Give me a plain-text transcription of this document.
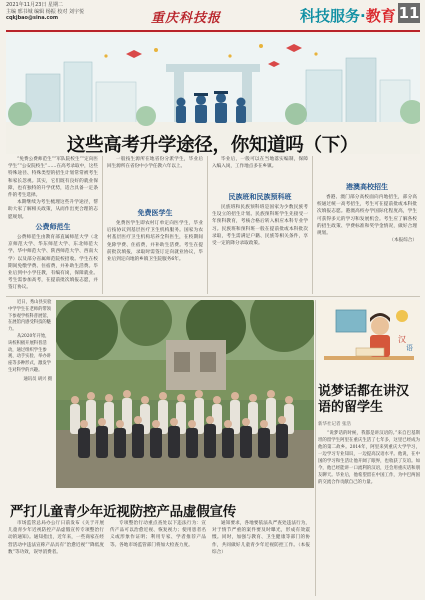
2021年11月23日 星期二
主编 邢书城 编辑 杨振 校对 刘宇悦
cqkjbao@sina.com	重庆科技报	科技服务·教育 11
这些高考升学途径，你知道吗（下）

“免费公费师范生”“军队院校生”“定向医学生”“公安院校生”……在高考录取中，这些特殊途径、特殊类型的招生计划常常被考生和家长忽视。其实，它们既有良好的就业保障，也有独特的升学优势，适合具备一定条件的考生选择。

本期继续为考生梳理这些升学途径，帮助大家了解相关政策，从而作出更合理的志愿规划。

公费师范生

公费师范生由教育部直属师范大学（北京师范大学、华东师范大学、东北师范大学、华中师范大学、陕西师范大学、西南大学）以及部分省属师范院校招收。学生在校期间免缴学费、住宿费，并补助生活费。毕业后到中小学任教，有编有岗，保障就业。考生需参加高考，在提前批次填报志愿，并签订协议。

一般按生源所在地省份分派学生，毕业后回生源所在省份中小学任教六年以上。

免费医学生

免费医学生即农村订单定向医学生，毕业后按协议到基层医疗卫生机构服务。国家为农村基层医疗卫生机构培养全科医生，在校期间免除学费、住宿费，并补助生活费。考生在提前批次填报，录取时需签订定向就业协议，毕业后到定向地的乡镇卫生院服务6年。

毕业后，一般可以在当地落实编制，保障入编入岗，工作地点多在乡镇。

民族班和民族预科班

民族班和民族预科班是国家为少数民族考生设立的招生计划。民族预科班学生先接受一年预科教育，考核合格后转入相应本科专业学习。民族班和预科班一般在提前批或本科批次录取，考生需满足户籍、民族等相关条件，享受一定的降分录取政策。

港澳高校招生

香港、澳门部分高校面向内地招生，部分高校通过统一高考招生，考生可在提前批或本科批次填报志愿。港澳高校办学国际化程度高，学生可获得多元的学习和发展机会。考生应了解各校的招生政策、学费标准和奖学金情况，做好合理规划。

（本报综合）

近日，秀山县实验中学学生在老师的带领下参观学校科普展馆，在展馆内感受科技的魅力。

从2020年开始，该校积极开展科普活动，通过组织学生参观、动手实验、举办讲座等多种形式，激发学生对科学的兴趣。

通讯员 胡兴 摄
汉
语
说梦话都在讲汉语的留学生
新华社记者 张浩

“说梦话的时候，我都是讲汉语的。”来自巴基斯坦的留学生阿里在重庆生活了七年多，这里已经成为他的第二故乡。2014年，阿里来到重庆大学学习，一边学习专业知识，一边提高汉语水平。他说，在中国的学习和生活让他开阔了眼界，也收获了友谊。如今，他已经能讲一口流利的汉语，还会用重庆话和朋友聊天。毕业后，他希望留在中国工作，为中巴两国的交流合作贡献自己的力量。

严打儿童青少年近视防控产品虚假宣传

市场监管总局办公厅日前发布《关于开展儿童青少年近视防控产品虚假宣传专项整治行动的通知》。通知指出，近年来，一些商家在经营活动中违法宣称产品具有“治愈近视”“降低度数”等功效，误导消费者。

专项整治行动重点查处以下违法行为：宣传产品可以治愈近视、恢复视力；使用患者名义或形象作证明；利用专家、学者推荐产品等。各地市场监管部门将加大检查力度。

通知要求，各地要依法从严查处违法行为，对于情节严重的案件要及时曝光，形成有效震慑。同时，加强与教育、卫生健康等部门的协作，共同做好儿童青少年近视防控工作。（本报综合）
